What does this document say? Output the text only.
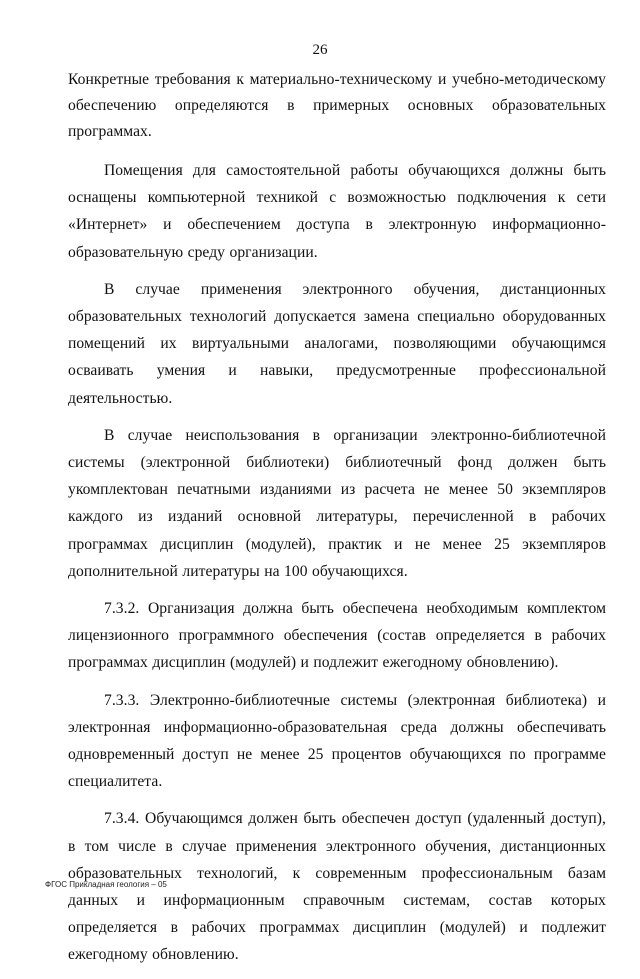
26

Конкретные требования к материально-техническому и учебно-методическому обеспечению определяются в примерных основных образовательных программах.

Помещения для самостоятельной работы обучающихся должны быть оснащены компьютерной техникой с возможностью подключения к сети «Интернет» и обеспечением доступа в электронную информационно-образовательную среду организации.

В случае применения электронного обучения, дистанционных образовательных технологий допускается замена специально оборудованных помещений их виртуальными аналогами, позволяющими обучающимся осваивать умения и навыки, предусмотренные профессиональной деятельностью.

В случае неиспользования в организации электронно-библиотечной системы (электронной библиотеки) библиотечный фонд должен быть укомплектован печатными изданиями из расчета не менее 50 экземпляров каждого из изданий основной литературы, перечисленной в рабочих программах дисциплин (модулей), практик и не менее 25 экземпляров дополнительной литературы на 100 обучающихся.

7.3.2. Организация должна быть обеспечена необходимым комплектом лицензионного программного обеспечения (состав определяется в рабочих программах дисциплин (модулей) и подлежит ежегодному обновлению).

7.3.3. Электронно-библиотечные системы (электронная библиотека) и электронная информационно-образовательная среда должны обеспечивать одновременный доступ не менее 25 процентов обучающихся по программе специалитета.

7.3.4. Обучающимся должен быть обеспечен доступ (удаленный доступ), в том числе в случае применения электронного обучения, дистанционных образовательных технологий, к современным профессиональным базам данных и информационным справочным системам, состав которых определяется в рабочих программах дисциплин (модулей) и подлежит ежегодному обновлению.

ФГОС Прикладная геология – 05
